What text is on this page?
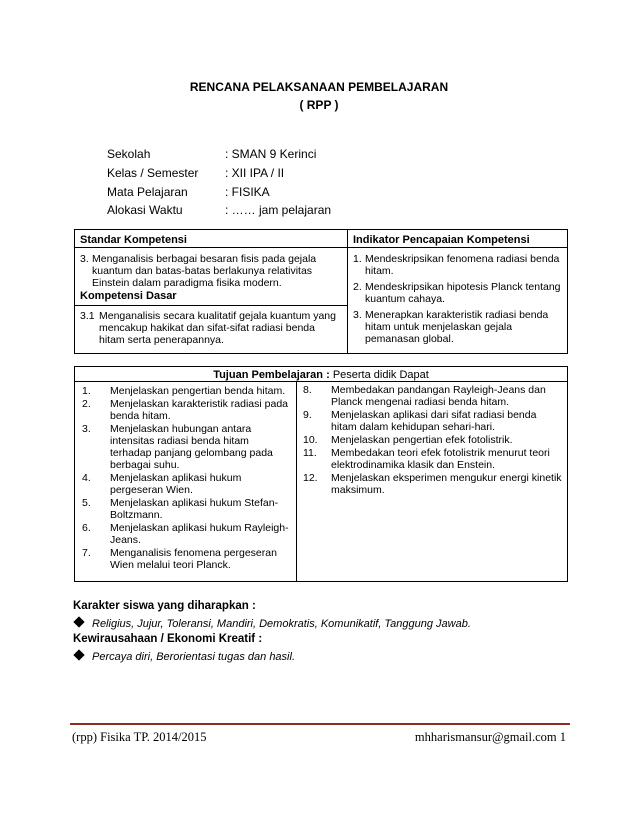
RENCANA PELAKSANAAN PEMBELAJARAN
( RPP )
Sekolah	: SMAN 9 Kerinci
Kelas / Semester : XII IPA / II
Mata Pelajaran	: FISIKA
Alokasi Waktu	: …… jam pelajaran
Standar Kompetensi	Indikator Pencapaian Kompetensi
3. Menganalisis berbagai besaran fisis pada gejala kuantum dan batas-batas berlakunya relativitas Einstein dalam paradigma fisika modern.
Kompetensi Dasar
3.1 Menganalisis secara kualitatif gejala kuantum yang mencakup hakikat dan sifat-sifat radiasi benda hitam serta penerapannya.
1. Mendeskripsikan fenomena radiasi benda hitam.
2. Mendeskripsikan hipotesis Planck tentang kuantum cahaya.
3. Menerapkan karakteristik radiasi benda hitam untuk menjelaskan gejala pemanasan global.
Tujuan Pembelajaran : Peserta didik Dapat
1. Menjelaskan pengertian benda hitam.
2. Menjelaskan karakteristik radiasi pada benda hitam.
3. Menjelaskan hubungan antara intensitas radiasi benda hitam terhadap panjang gelombang pada berbagai suhu.
4. Menjelaskan aplikasi hukum pergeseran Wien.
5. Menjelaskan aplikasi hukum Stefan-Boltzmann.
6. Menjelaskan aplikasi hukum Rayleigh-Jeans.
7. Menganalisis fenomena pergeseran Wien melalui teori Planck.
8. Membedakan pandangan Rayleigh-Jeans dan Planck mengenai radiasi benda hitam.
9. Menjelaskan aplikasi dari sifat radiasi benda hitam dalam kehidupan sehari-hari.
10. Menjelaskan pengertian efek fotolistrik.
11. Membedakan teori efek fotolistrik menurut teori elektrodinamika klasik dan Enstein.
12. Menjelaskan eksperimen mengukur energi kinetik maksimum.
Karakter siswa yang diharapkan :
Religius, Jujur, Toleransi, Mandiri, Demokratis, Komunikatif, Tanggung Jawab.
Kewirausahaan / Ekonomi Kreatif :
Percaya diri, Berorientasi tugas dan hasil.
(rpp) Fisika TP. 2014/2015	mhharismansur@gmail.com 1
